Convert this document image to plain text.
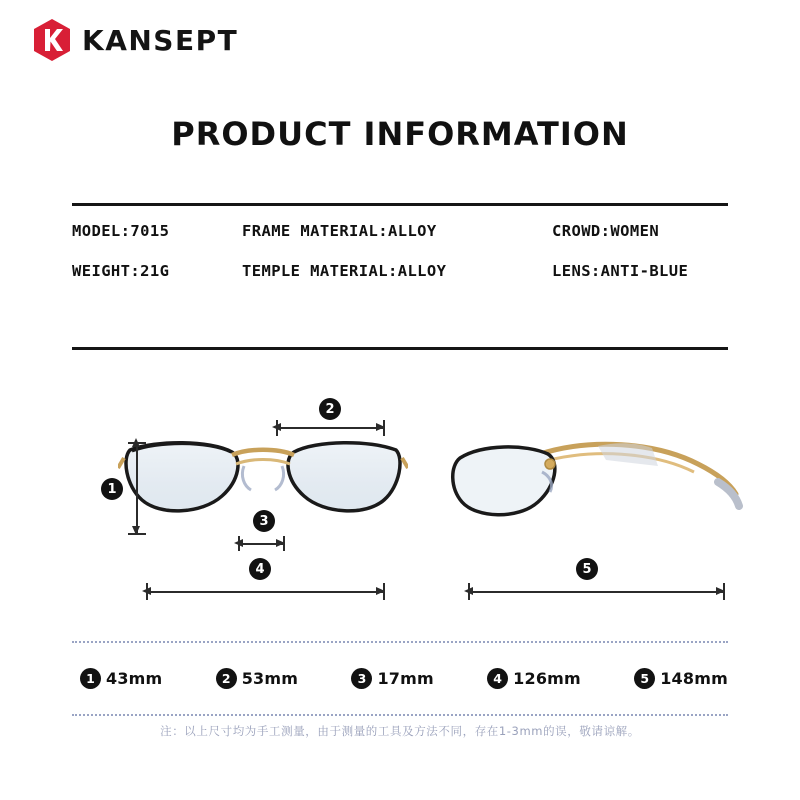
KANSEPT
PRODUCT INFORMATION
MODEL:7015	FRAME MATERIAL:ALLOY	CROWD:WOMEN
WEIGHT:21G	TEMPLE MATERIAL:ALLOY	LENS:ANTI-BLUE
1
2
3
4	5
1 43mm	2 53mm	3 17mm	4 126mm	5 148mm
注：以上尺寸均为手工测量，由于测量的工具及方法不同，存在1-3mm的误，敬请谅解。
